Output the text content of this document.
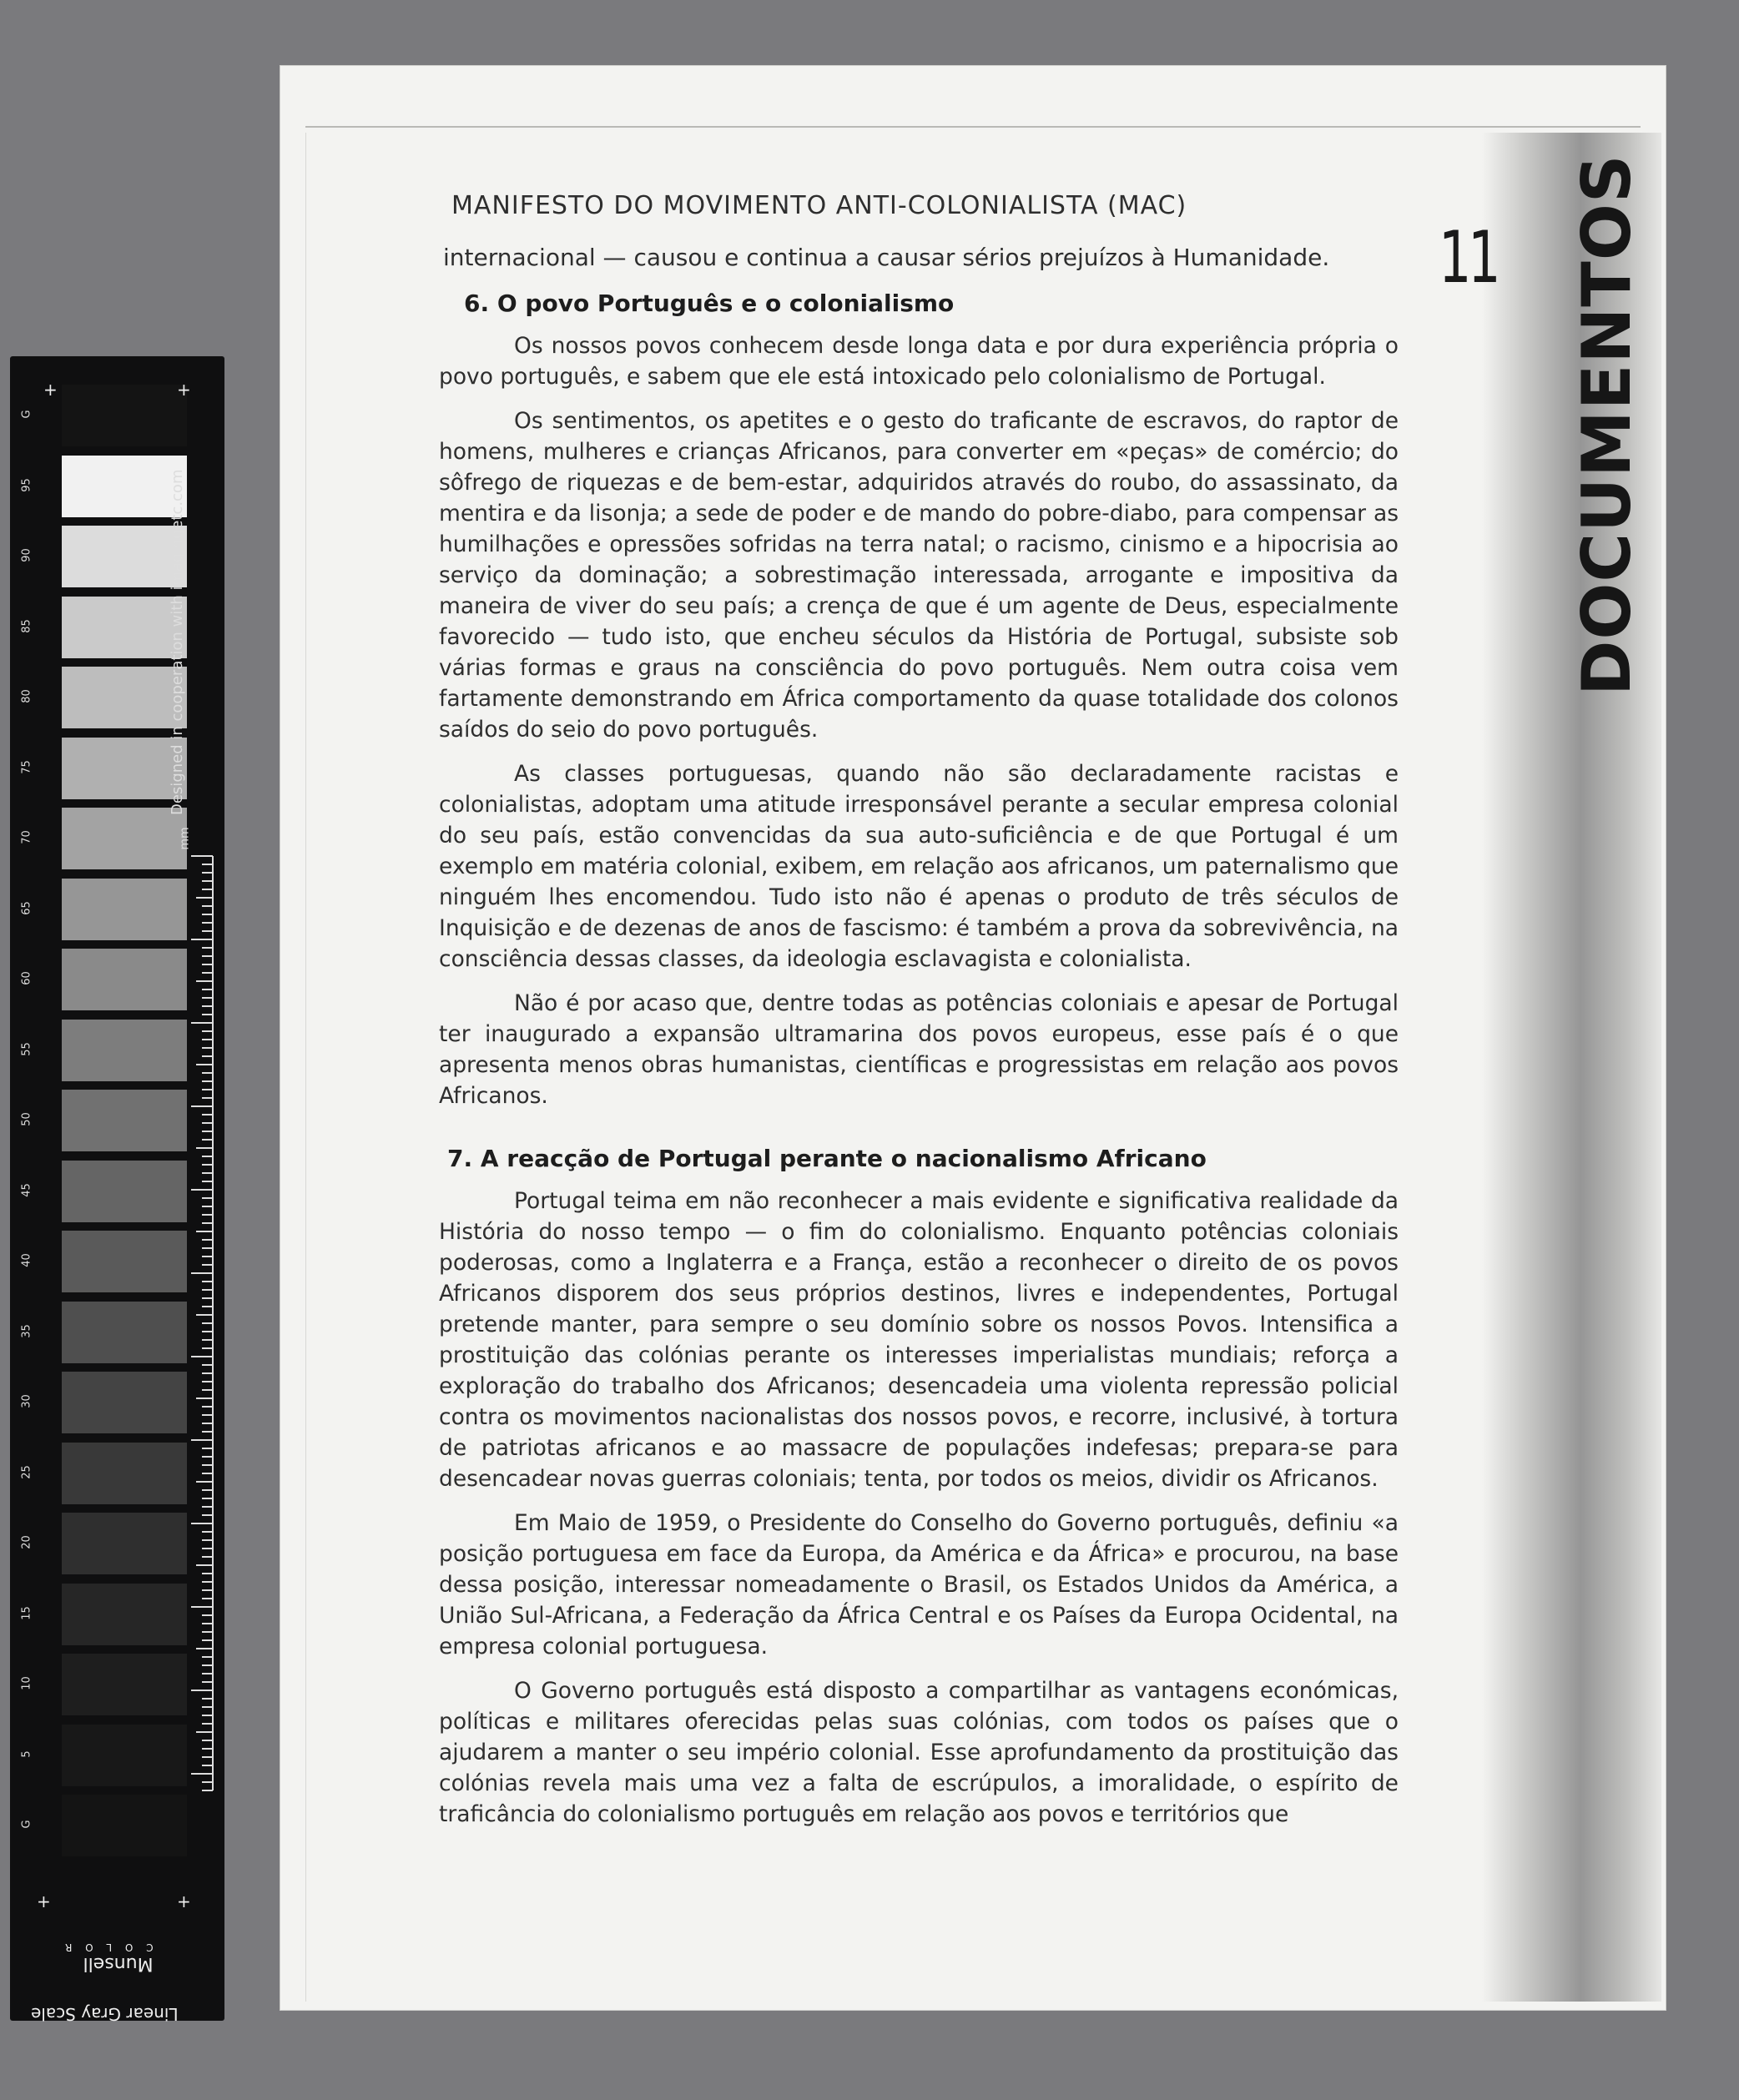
G
95
90
85
80
75
70
65
60
55
50
45
40
35
30
25
20
15
10
5
G
+	+
+	+
Designed in cooperation with imagingetc.com
mm
Munsell
C O L O R
Linear Gray Scale
DOCUMENTOS
11
MANIFESTO DO MOVIMENTO ANTI-COLONIALISTA (MAC)
internacional — causou e continua a causar sérios prejuízos à Humanidade.
6. O povo Português e o colonialismo

Os nossos povos conhecem desde longa data e por dura experiência própria o povo português, e sabem que ele está intoxicado pelo colonialismo de Portugal.

Os sentimentos, os apetites e o gesto do traficante de escravos, do raptor de homens, mulheres e crianças Africanos, para converter em «peças» de comércio; do sôfrego de riquezas e de bem-estar, adquiridos através do roubo, do assassinato, da mentira e da lisonja; a sede de poder e de mando do pobre-diabo, para compensar as humilhações e opressões sofridas na terra natal; o racismo, cinismo e a hipocrisia ao serviço da dominação; a sobrestimação interessada, arrogante e impositiva da maneira de viver do seu país; a crença de que é um agente de Deus, especialmente favorecido — tudo isto, que encheu séculos da História de Portugal, subsiste sob várias formas e graus na consciência do povo português. Nem outra coisa vem fartamente demonstrando em África comportamento da quase totalidade dos colonos saídos do seio do povo português.

As classes portuguesas, quando não são declaradamente racistas e colonialistas, adoptam uma atitude irresponsável perante a secular empresa colonial do seu país, estão convencidas da sua auto-suficiência e de que Portugal é um exemplo em matéria colonial, exibem, em relação aos africanos, um paternalismo que ninguém lhes encomendou. Tudo isto não é apenas o produto de três séculos de Inquisição e de dezenas de anos de fascismo: é também a prova da sobrevivência, na consciência dessas classes, da ideologia esclavagista e colonialista.

Não é por acaso que, dentre todas as potências coloniais e apesar de Portugal ter inaugurado a expansão ultramarina dos povos europeus, esse país é o que apresenta menos obras humanistas, científicas e progressistas em relação aos povos Africanos.

7. A reacção de Portugal perante o nacionalismo Africano

Portugal teima em não reconhecer a mais evidente e significativa realidade da História do nosso tempo — o fim do colonialismo. Enquanto potências coloniais poderosas, como a Inglaterra e a França, estão a reconhecer o direito de os povos Africanos disporem dos seus próprios destinos, livres e independentes, Portugal pretende manter, para sempre o seu domínio sobre os nossos Povos. Intensifica a prostituição das colónias perante os interesses imperialistas mundiais; reforça a exploração do trabalho dos Africanos; desencadeia uma violenta repressão policial contra os movimentos nacionalistas dos nossos povos, e recorre, inclusivé, à tortura de patriotas africanos e ao massacre de populações indefesas; prepara-se para desencadear novas guerras coloniais; tenta, por todos os meios, dividir os Africanos.

Em Maio de 1959, o Presidente do Conselho do Governo português, definiu «a posição portuguesa em face da Europa, da América e da África» e procurou, na base dessa posição, interessar nomeadamente o Brasil, os Estados Unidos da América, a União Sul-Africana, a Federação da África Central e os Países da Europa Ocidental, na empresa colonial portuguesa.

O Governo português está disposto a compartilhar as vantagens económicas, políticas e militares oferecidas pelas suas colónias, com todos os países que o ajudarem a manter o seu império colonial. Esse aprofundamento da prostituição das colónias revela mais uma vez a falta de escrúpulos, a imoralidade, o espírito de traficância do colonialismo português em relação aos povos e territórios que
